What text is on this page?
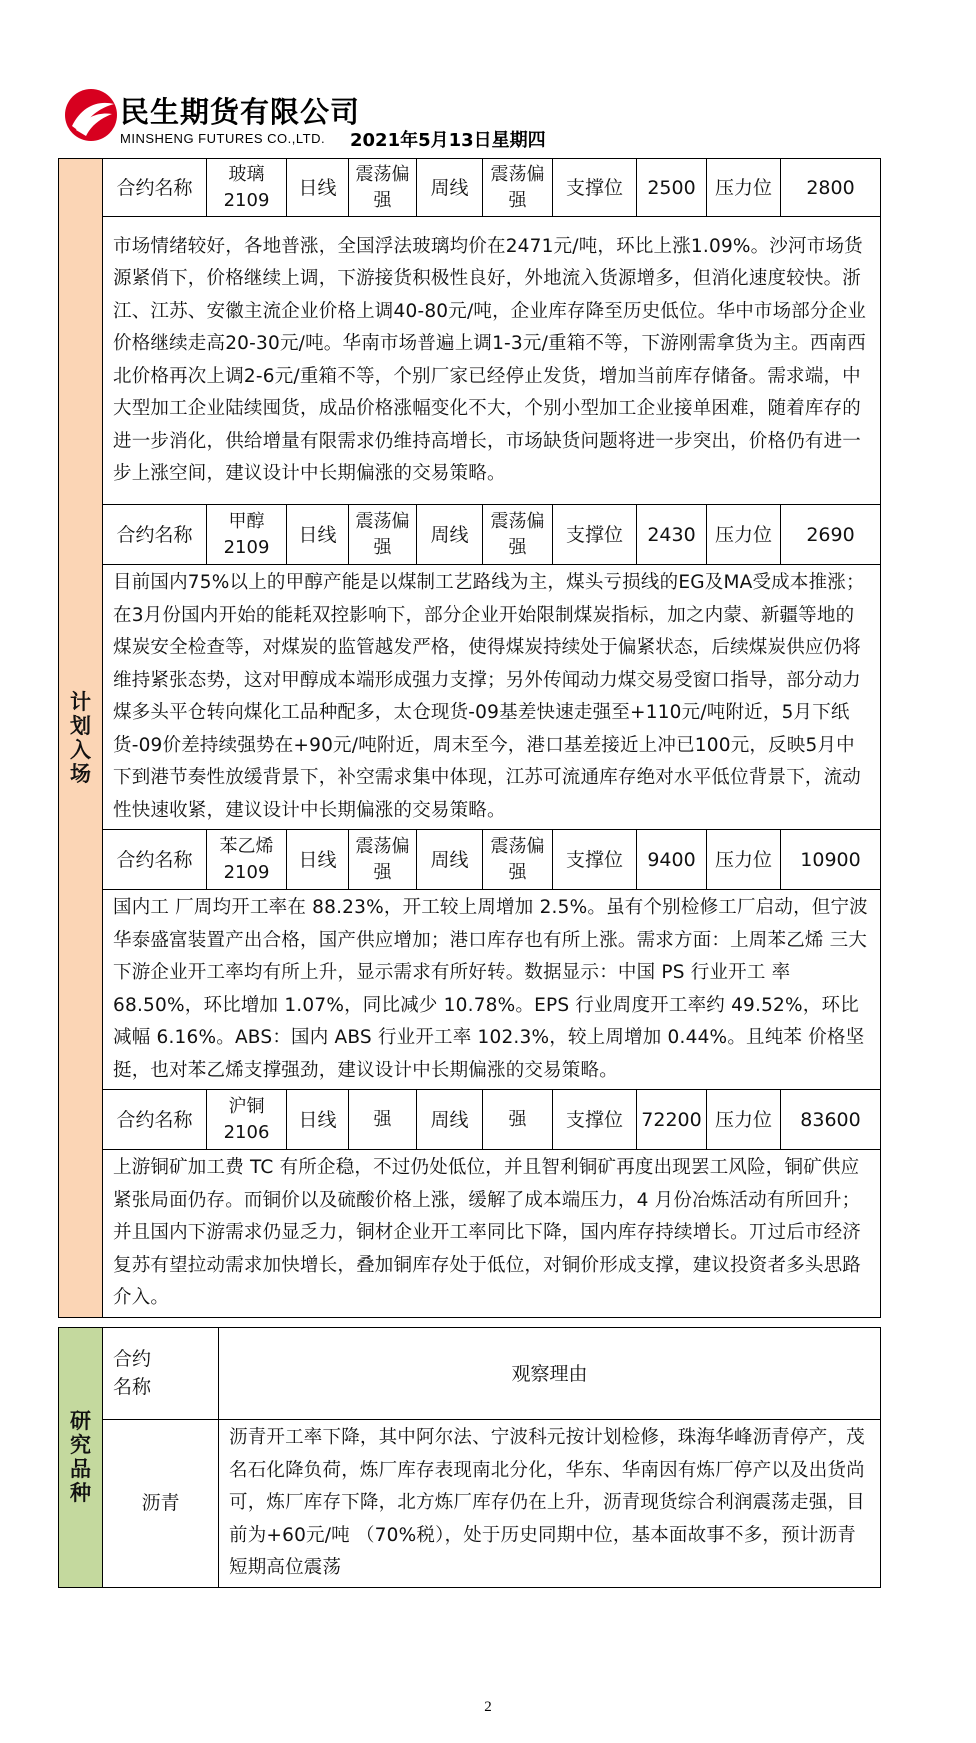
民生期货有限公司
MINSHENG FUTURES CO.,LTD. 2021年5月13日星期四
计划入场	合约名称	玻璃2109	日线	震荡偏强	周线	震荡偏强	支撑位	2500	压力位	2800
	市场情绪较好，各地普涨，全国浮法玻璃均价在2471元/吨，环比上涨1.09%。沙河市场货源紧俏下，价格继续上调，下游接货积极性良好，外地流入货源增多，但消化速度较快。浙江、江苏、安徽主流企业价格上调40-80元/吨，企业库存降至历史低位。华中市场部分企业价格继续走高20-30元/吨。华南市场普遍上调1-3元/重箱不等，下游刚需拿货为主。西南西北价格再次上调2-6元/重箱不等，个别厂家已经停止发货，增加当前库存储备。需求端，中大型加工企业陆续囤货，成品价格涨幅变化不大，个别小型加工企业接单困难，随着库存的进一步消化，供给增量有限需求仍维持高增长，市场缺货问题将进一步突出，价格仍有进一步上涨空间，建议设计中长期偏涨的交易策略。									
	合约名称	甲醇2109	日线	震荡偏强	周线	震荡偏强	支撑位	2430	压力位	2690
	目前国内75%以上的甲醇产能是以煤制工艺路线为主，煤头亏损线的EG及MA受成本推涨；在3月份国内开始的能耗双控影响下，部分企业开始限制煤炭指标，加之内蒙、新疆等地的煤炭安全检查等，对煤炭的监管越发严格，使得煤炭持续处于偏紧状态，后续煤炭供应仍将维持紧张态势，这对甲醇成本端形成强力支撑；另外传闻动力煤交易受窗口指导，部分动力煤多头平仓转向煤化工品种配多，太仓现货-09基差快速走强至+110元/吨附近，5月下纸货-09价差持续强势在+90元/吨附近，周末至今，港口基差接近上冲已100元，反映5月中下到港节奏性放缓背景下，补空需求集中体现，江苏可流通库存绝对水平低位背景下，流动性快速收紧，建议设计中长期偏涨的交易策略。									
	合约名称	苯乙烯2109	日线	震荡偏强	周线	震荡偏强	支撑位	9400	压力位	10900
	国内工 厂周均开工率在 88.23%，开工较上周增加 2.5%。虽有个别检修工厂启动，但宁波华泰盛富装置产出合格，国产供应增加；港口库存也有所上涨。需求方面：上周苯乙烯 三大下游企业开工率均有所上升，显示需求有所好转。数据显示：中国 PS 行业开工 率 68.50%，环比增加 1.07%，同比减少 10.78%。EPS 行业周度开工率约 49.52%，环比减幅 6.16%。ABS：国内 ABS 行业开工率 102.3%，较上周增加 0.44%。且纯苯 价格坚挺，也对苯乙烯支撑强劲，建议设计中长期偏涨的交易策略。									
	合约名称	沪铜2106	日线	强	周线	强	支撑位	72200	压力位	83600
	上游铜矿加工费 TC 有所企稳，不过仍处低位，并且智利铜矿再度出现罢工风险，铜矿供应紧张局面仍存。而铜价以及硫酸价格上涨，缓解了成本端压力，4 月份冶炼活动有所回升；并且国内下游需求仍显乏力，铜材企业开工率同比下降，国内库存持续增长。丌过后市经济复苏有望拉动需求加快增长，叠加铜库存处于低位，对铜价形成支撑，建议投资者多头思路介入。									
研究品种	合约名称	观察理由
	沥青	沥青开工率下降，其中阿尔法、宁波科元按计划检修，珠海华峰沥青停产，茂名石化降负荷，炼厂库存表现南北分化，华东、华南因有炼厂停产以及出货尚可，炼厂库存下降，北方炼厂库存仍在上升，沥青现货综合利润震荡走强，目前为+60元/吨 （70%税），处于历史同期中位，基本面故事不多，预计沥青短期高位震荡
2
